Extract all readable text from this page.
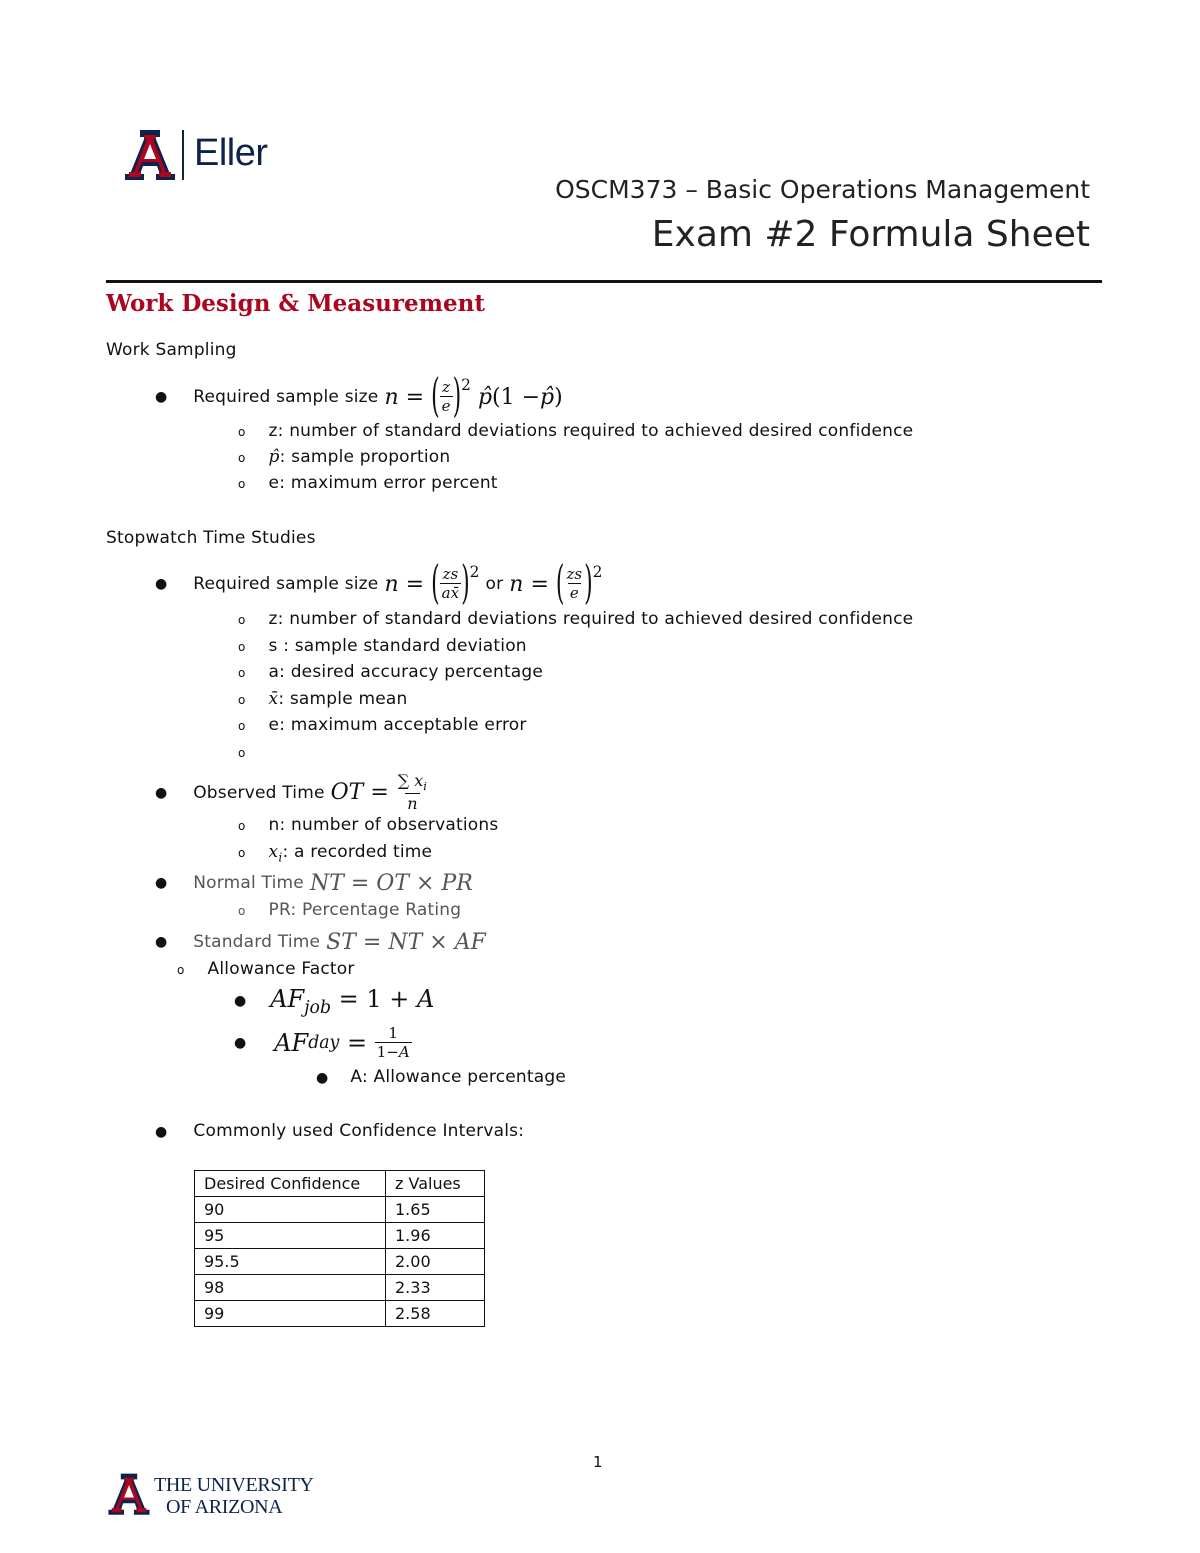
Eller
OSCM373 – Basic Operations Management
Exam #2 Formula Sheet
Work Design & Measurement
Work Sampling
● Required sample size n =
( $\frac{z}{e}$ ) 2 p̂ (1 − p̂ )
o z: number of standard deviations required to achieved desired confidence
o p̂: sample proportion
o e: maximum error percent
Stopwatch Time Studies
● Required sample size n =
( $\frac{zs}{ax̄}$ ) 2
or n =
( $\frac{zs}{e}$ ) 2
o z: number of standard deviations required to achieved desired confidence
o s : sample standard deviation
o a: desired accuracy percentage
o x̄: sample mean
o e: maximum acceptable error
o
● Observed Time OT =
$\frac{\sum x_i}{n}$
o n: number of observations
o $x_i$: a recorded time
● Normal Time NT = OT × PR
o PR: Percentage Rating
● Standard Time ST = NT × AF
o Allowance Factor
● $AF_{job} = 1 + A$
● AF day
=
$\frac{1}{1-A}$
● A: Allowance percentage
● Commonly used Confidence Intervals:
Desired Confidence	z Values
90	1.65
95	1.96
95.5	2.00
98	2.33
99	2.58
1
THE UNIVERSITY
OF ARIZONA
